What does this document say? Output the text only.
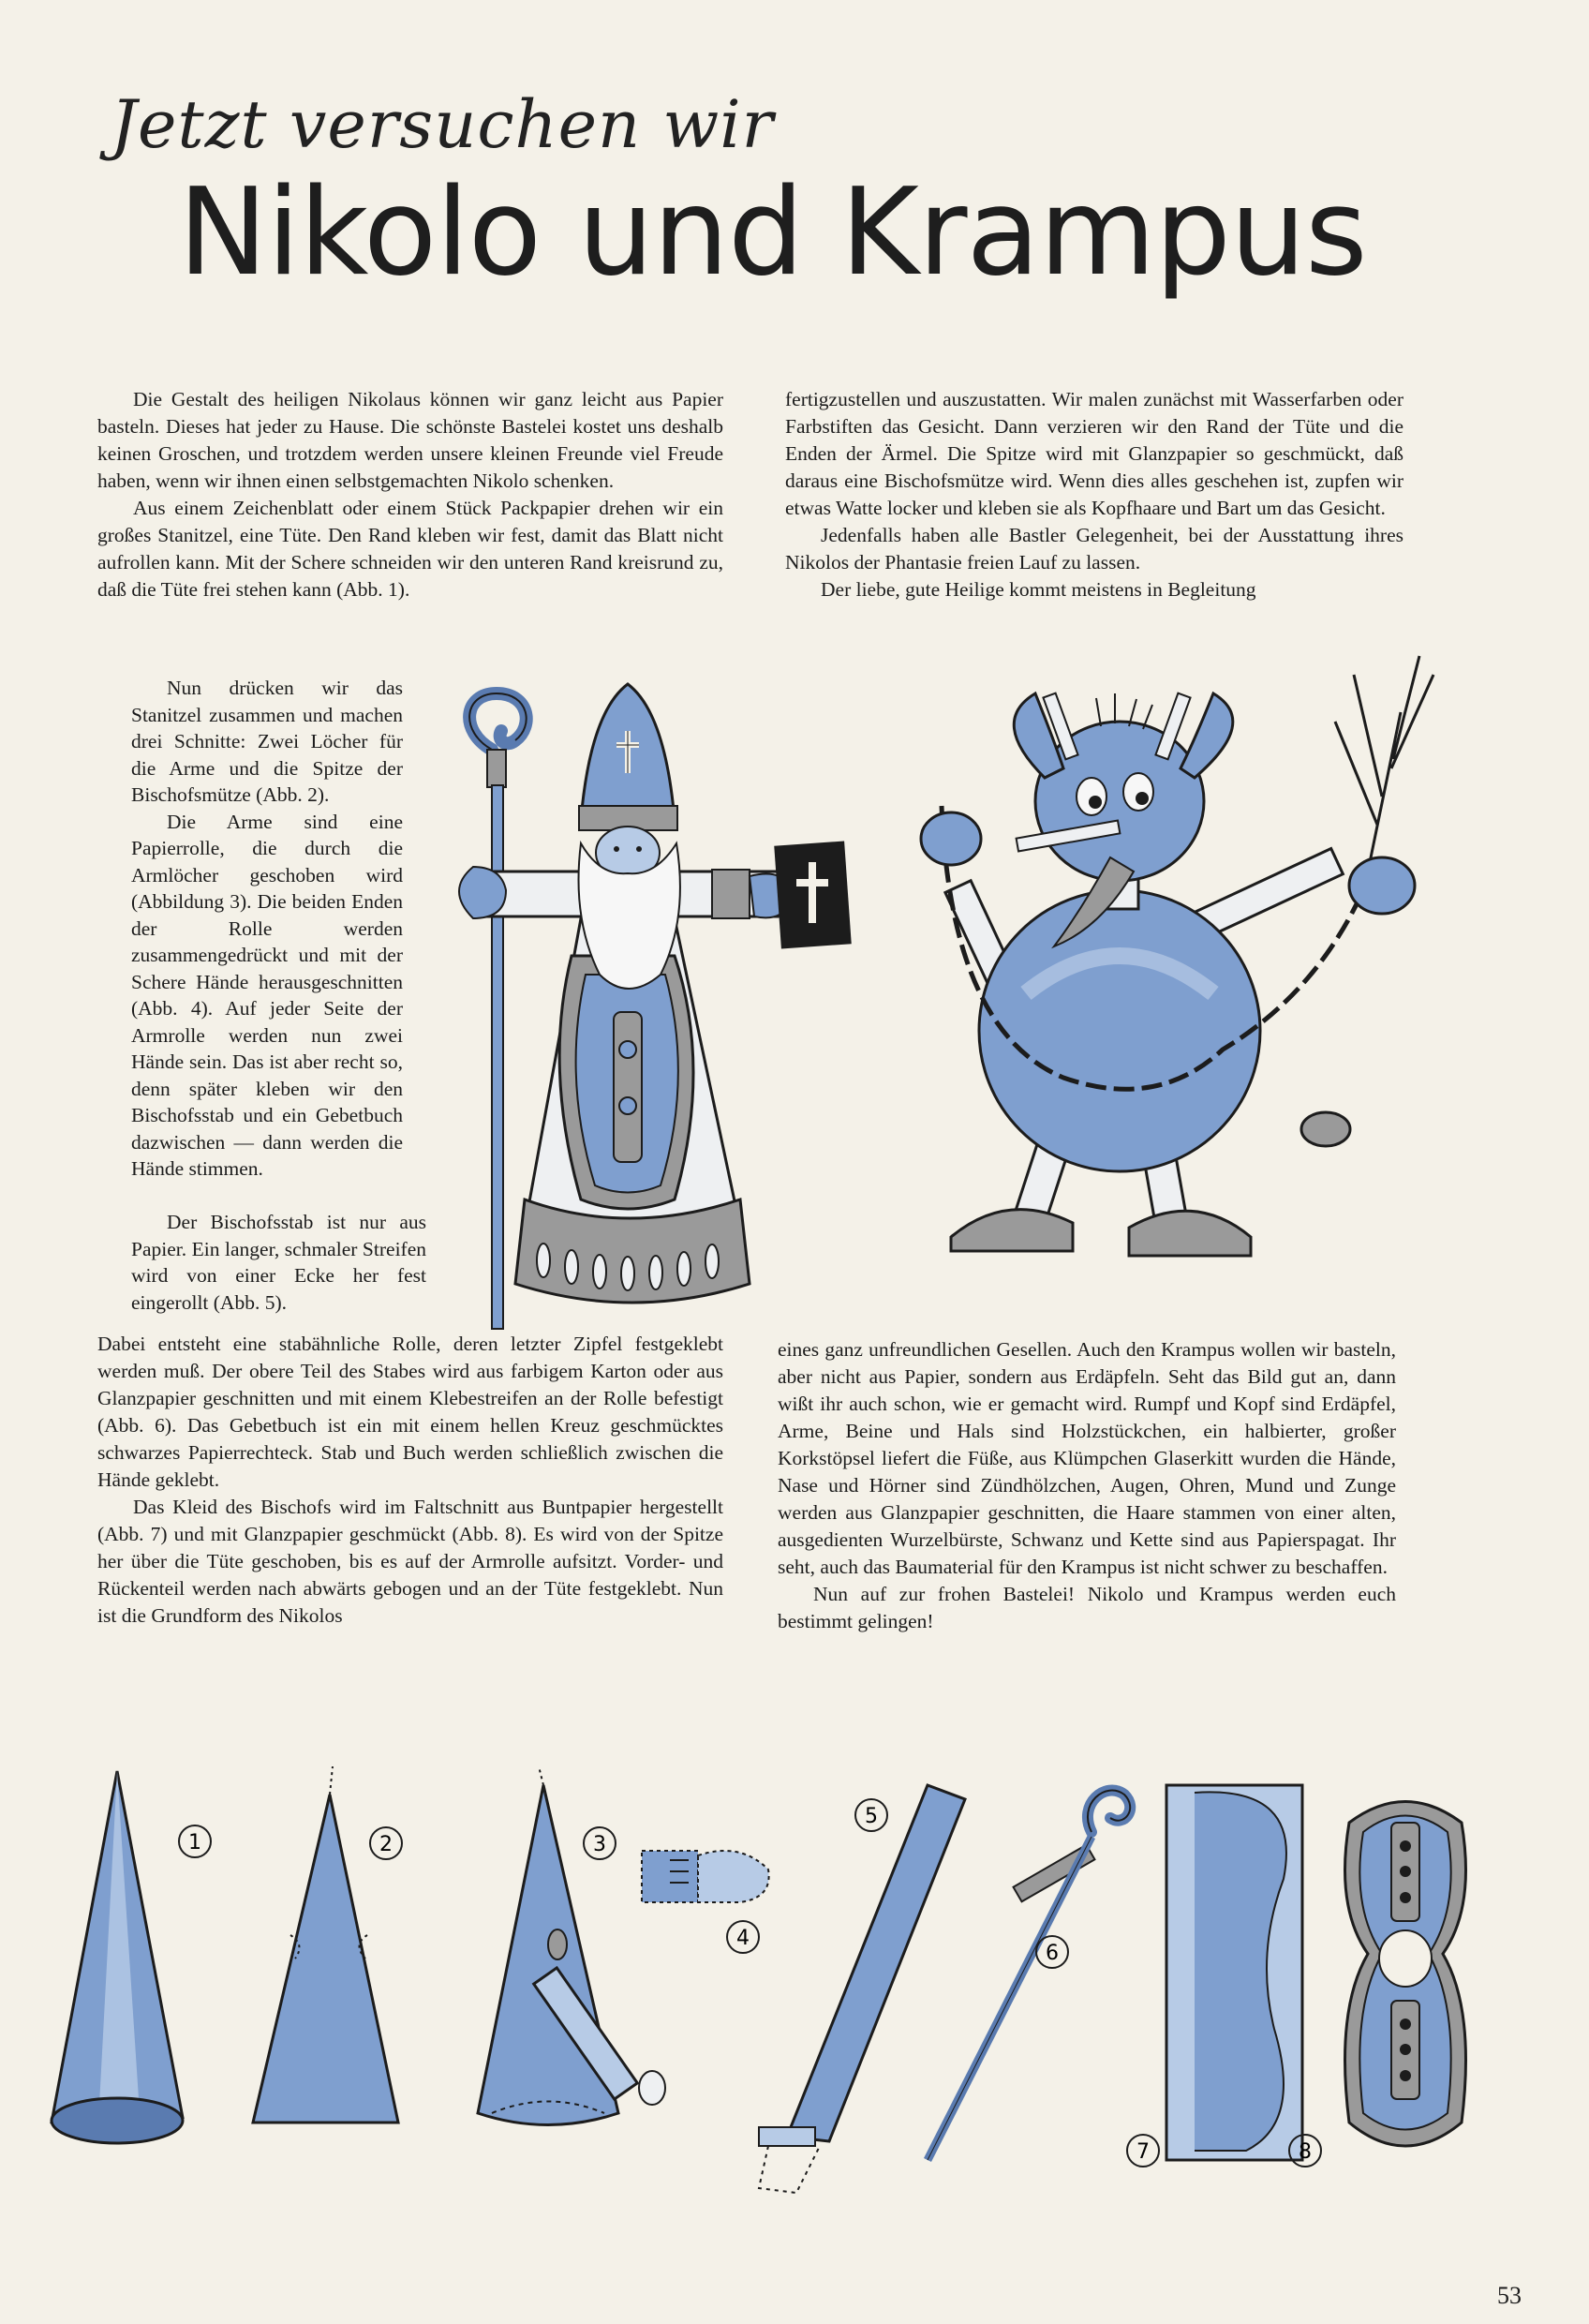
Jetzt versuchen wir
Nikolo und Krampus

Die Gestalt des heiligen Nikolaus können wir ganz leicht aus Papier basteln. Dieses hat jeder zu Hause. Die schönste Bastelei kostet uns deshalb keinen Groschen, und trotzdem werden unsere kleinen Freunde viel Freude haben, wenn wir ihnen einen selbstgemachten Nikolo schenken.

Aus einem Zeichenblatt oder einem Stück Packpapier drehen wir ein großes Stanitzel, eine Tüte. Den Rand kleben wir fest, damit das Blatt nicht aufrollen kann. Mit der Schere schneiden wir den unteren Rand kreisrund zu, daß die Tüte frei stehen kann (Abb. 1).

Nun drücken wir das Stanitzel zusammen und machen drei Schnitte: Zwei Löcher für die Arme und die Spitze der Bischofsmütze (Abb. 2).

Die Arme sind eine Papierrolle, die durch die Armlöcher geschoben wird (Abbildung 3). Die beiden Enden der Rolle werden zusammengedrückt und mit der Schere Hände herausgeschnitten (Abb. 4). Auf jeder Seite der Armrolle werden nun zwei Hände sein. Das ist aber recht so, denn später kleben wir den Bischofsstab und ein Gebetbuch dazwischen — dann werden die Hände stimmen.

Der Bischofsstab ist nur aus Papier. Ein langer, schmaler Streifen wird von einer Ecke her fest eingerollt (Abb. 5).

Dabei entsteht eine stabähnliche Rolle, deren letzter Zipfel festgeklebt werden muß. Der obere Teil des Stabes wird aus farbigem Karton oder aus Glanzpapier geschnitten und mit einem Klebestreifen an der Rolle befestigt (Abb. 6). Das Gebetbuch ist ein mit einem hellen Kreuz geschmücktes schwarzes Papierrechteck. Stab und Buch werden schließlich zwischen die Hände geklebt.

Das Kleid des Bischofs wird im Faltschnitt aus Buntpapier hergestellt (Abb. 7) und mit Glanzpapier geschmückt (Abb. 8). Es wird von der Spitze her über die Tüte geschoben, bis es auf der Armrolle aufsitzt. Vorder- und Rückenteil werden nach abwärts gebogen und an der Tüte festgeklebt. Nun ist die Grundform des Nikolos

fertigzustellen und auszustatten. Wir malen zunächst mit Wasserfarben oder Farbstiften das Gesicht. Dann verzieren wir den Rand der Tüte und die Enden der Ärmel. Die Spitze wird mit Glanzpapier so geschmückt, daß daraus eine Bischofsmütze wird. Wenn dies alles geschehen ist, zupfen wir etwas Watte locker und kleben sie als Kopfhaare und Bart um das Gesicht.

Jedenfalls haben alle Bastler Gelegenheit, bei der Ausstattung ihres Nikolos der Phantasie freien Lauf zu lassen.

Der liebe, gute Heilige kommt meistens in Begleitung

eines ganz unfreundlichen Gesellen. Auch den Krampus wollen wir basteln, aber nicht aus Papier, sondern aus Erdäpfeln. Seht das Bild gut an, dann wißt ihr auch schon, wie er gemacht wird. Rumpf und Kopf sind Erdäpfel, Arme, Beine und Hals sind Holzstückchen, ein halbierter, großer Korkstöpsel liefert die Füße, aus Klümpchen Glaserkitt wurden die Hände, Nase und Hörner sind Zündhölzchen, Augen, Ohren, Mund und Zunge werden aus Glanzpapier geschnitten, die Haare stammen von einer alten, ausgedienten Wurzelbürste, Schwanz und Kette sind aus Papierspagat. Ihr seht, auch das Baumaterial für den Krampus ist nicht schwer zu beschaffen.

Nun auf zur frohen Bastelei! Nikolo und Krampus werden euch bestimmt gelingen!

1	2	3
4
5
6
7	8
53
